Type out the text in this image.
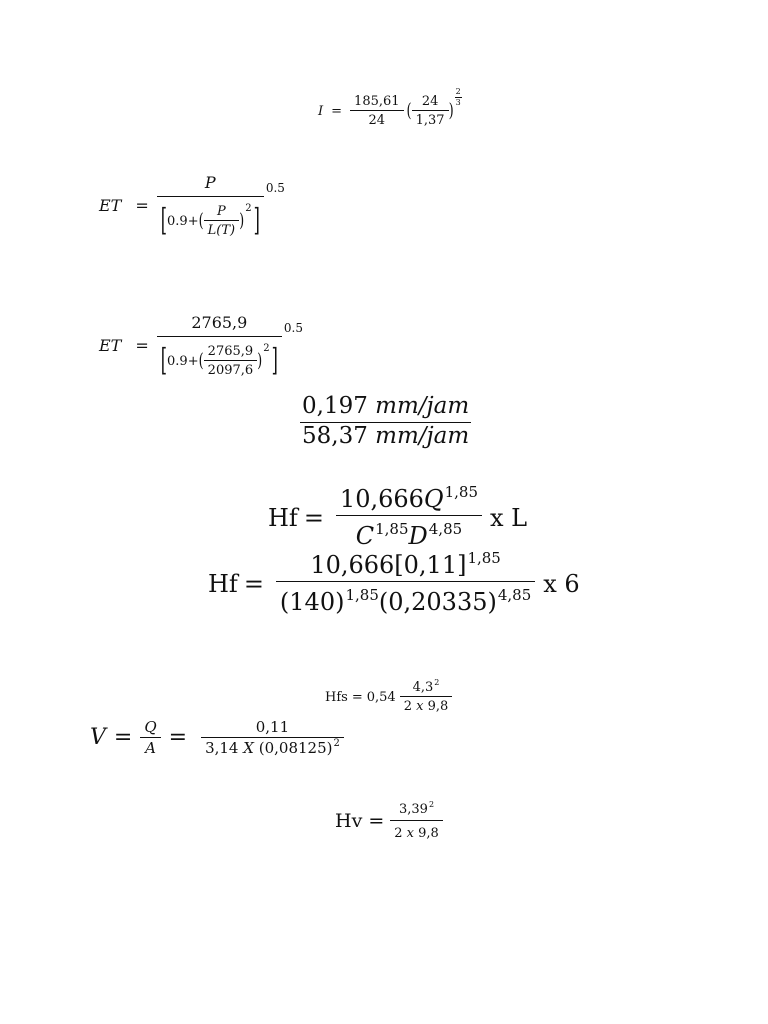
$I = \frac{185,61}{24}$ ( $\frac{24}{1,37}$ )
$\frac{2}{3}$
ET =
P
[ 0.9+ ( $\frac{P}{L(T)}$ )
2 ]
0.5
ET =
2765,9
[ 0.9+ ( $\frac{2765,9}{2097,6}$ )
2 ]
0.5
$\frac{\text{0,197 mm/jam}}{\text{58,37 mm/jam}}$
$Hf = \frac{10,666Q^{1,85}}{C^{1,85}D^{4,85}}$ x L
$Hf = \frac{10,666[0,11]^{1,85}}{(140)^{1,85}(0,20335)^{4,85}}$ x 6
Hfs = $0,54 \frac{4,3^2}{2 x 9,8}$
$V = \frac{Q}{A} = \frac{0,11}{3,14 X (0,08125)^2}$
$Hv = \frac{3,39^2}{2 x 9,8}$
